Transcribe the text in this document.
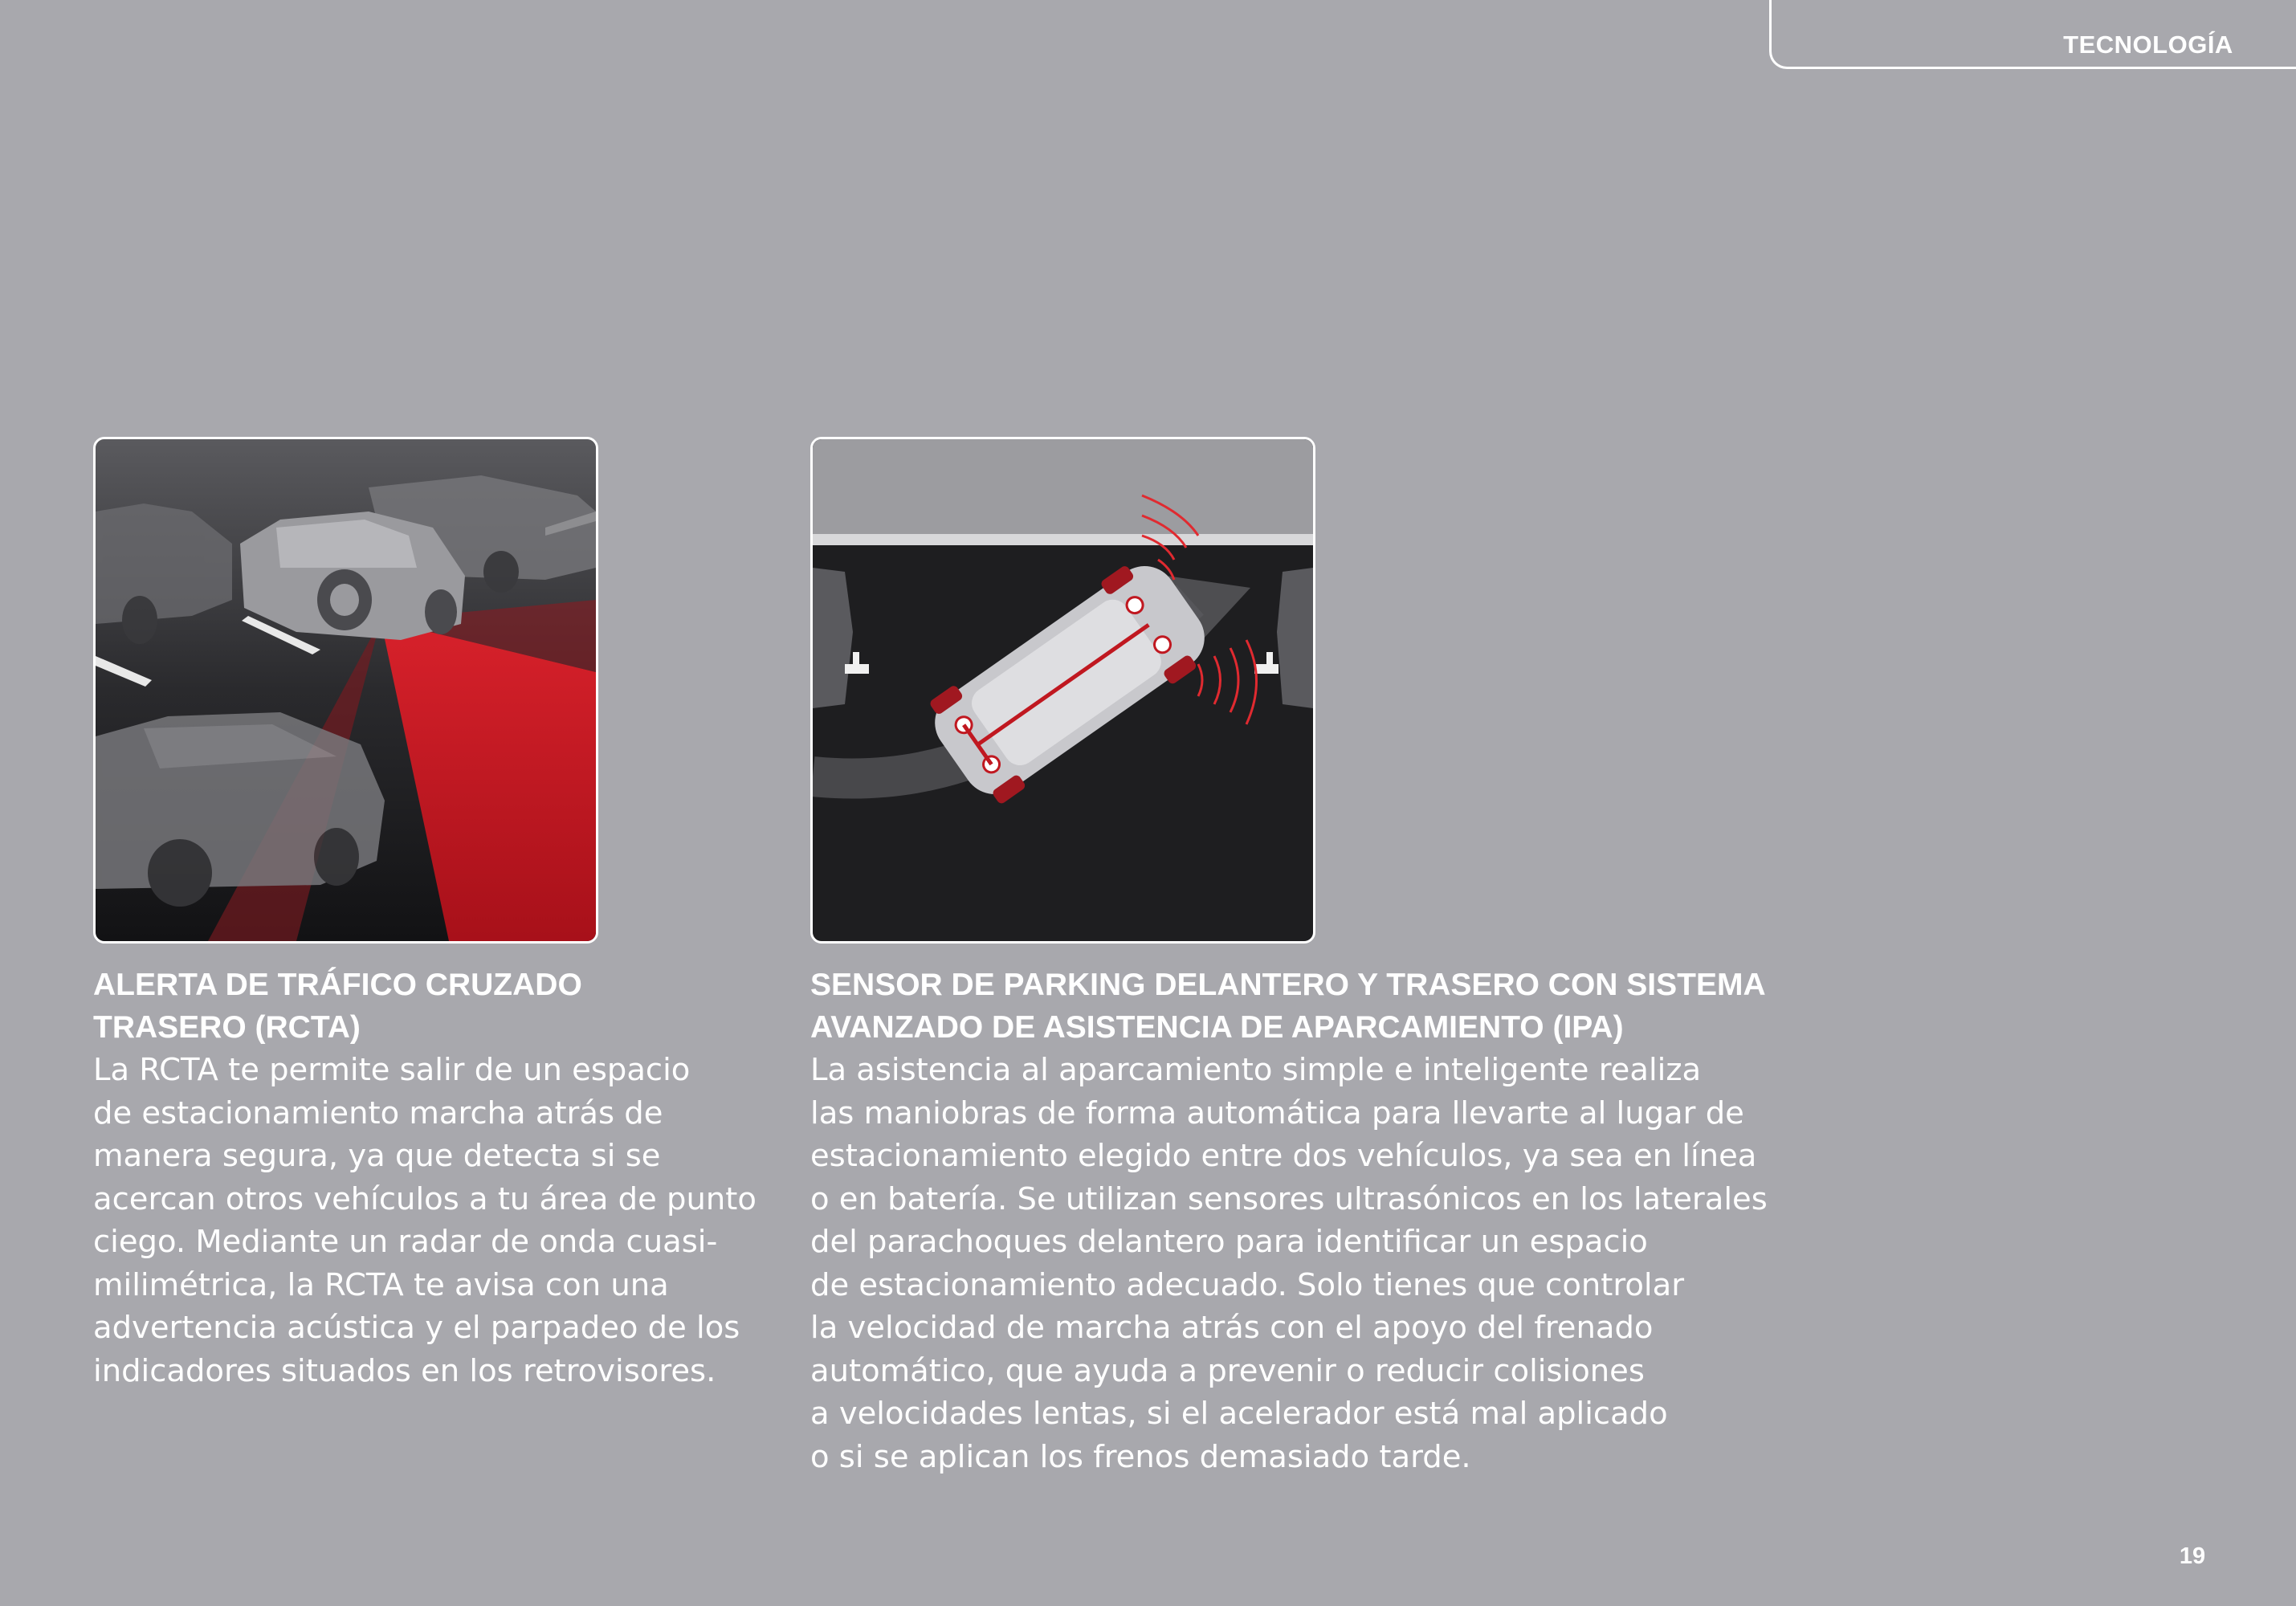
TECNOLOGÍA
ALERTA DE TRÁFICO CRUZADO
TRASERO (RCTA)

La RCTA te permite salir de un espacio
de estacionamiento marcha atrás de
manera segura, ya que detecta si se
acercan otros vehículos a tu área de punto
ciego. Mediante un radar de onda cuasi-
milimétrica, la RCTA te avisa con una
advertencia acústica y el parpadeo de los
indicadores situados en los retrovisores.

SENSOR DE PARKING DELANTERO Y TRASERO CON SISTEMA
AVANZADO DE ASISTENCIA DE APARCAMIENTO (IPA)

La asistencia al aparcamiento simple e inteligente realiza
las maniobras de forma automática para llevarte al lugar de
estacionamiento elegido entre dos vehículos, ya sea en línea
o en batería. Se utilizan sensores ultrasónicos en los laterales
del parachoques delantero para identificar un espacio
de estacionamiento adecuado. Solo tienes que controlar
la velocidad de marcha atrás con el apoyo del frenado
automático, que ayuda a prevenir o reducir colisiones
a velocidades lentas, si el acelerador está mal aplicado
o si se aplican los frenos demasiado tarde.

19
